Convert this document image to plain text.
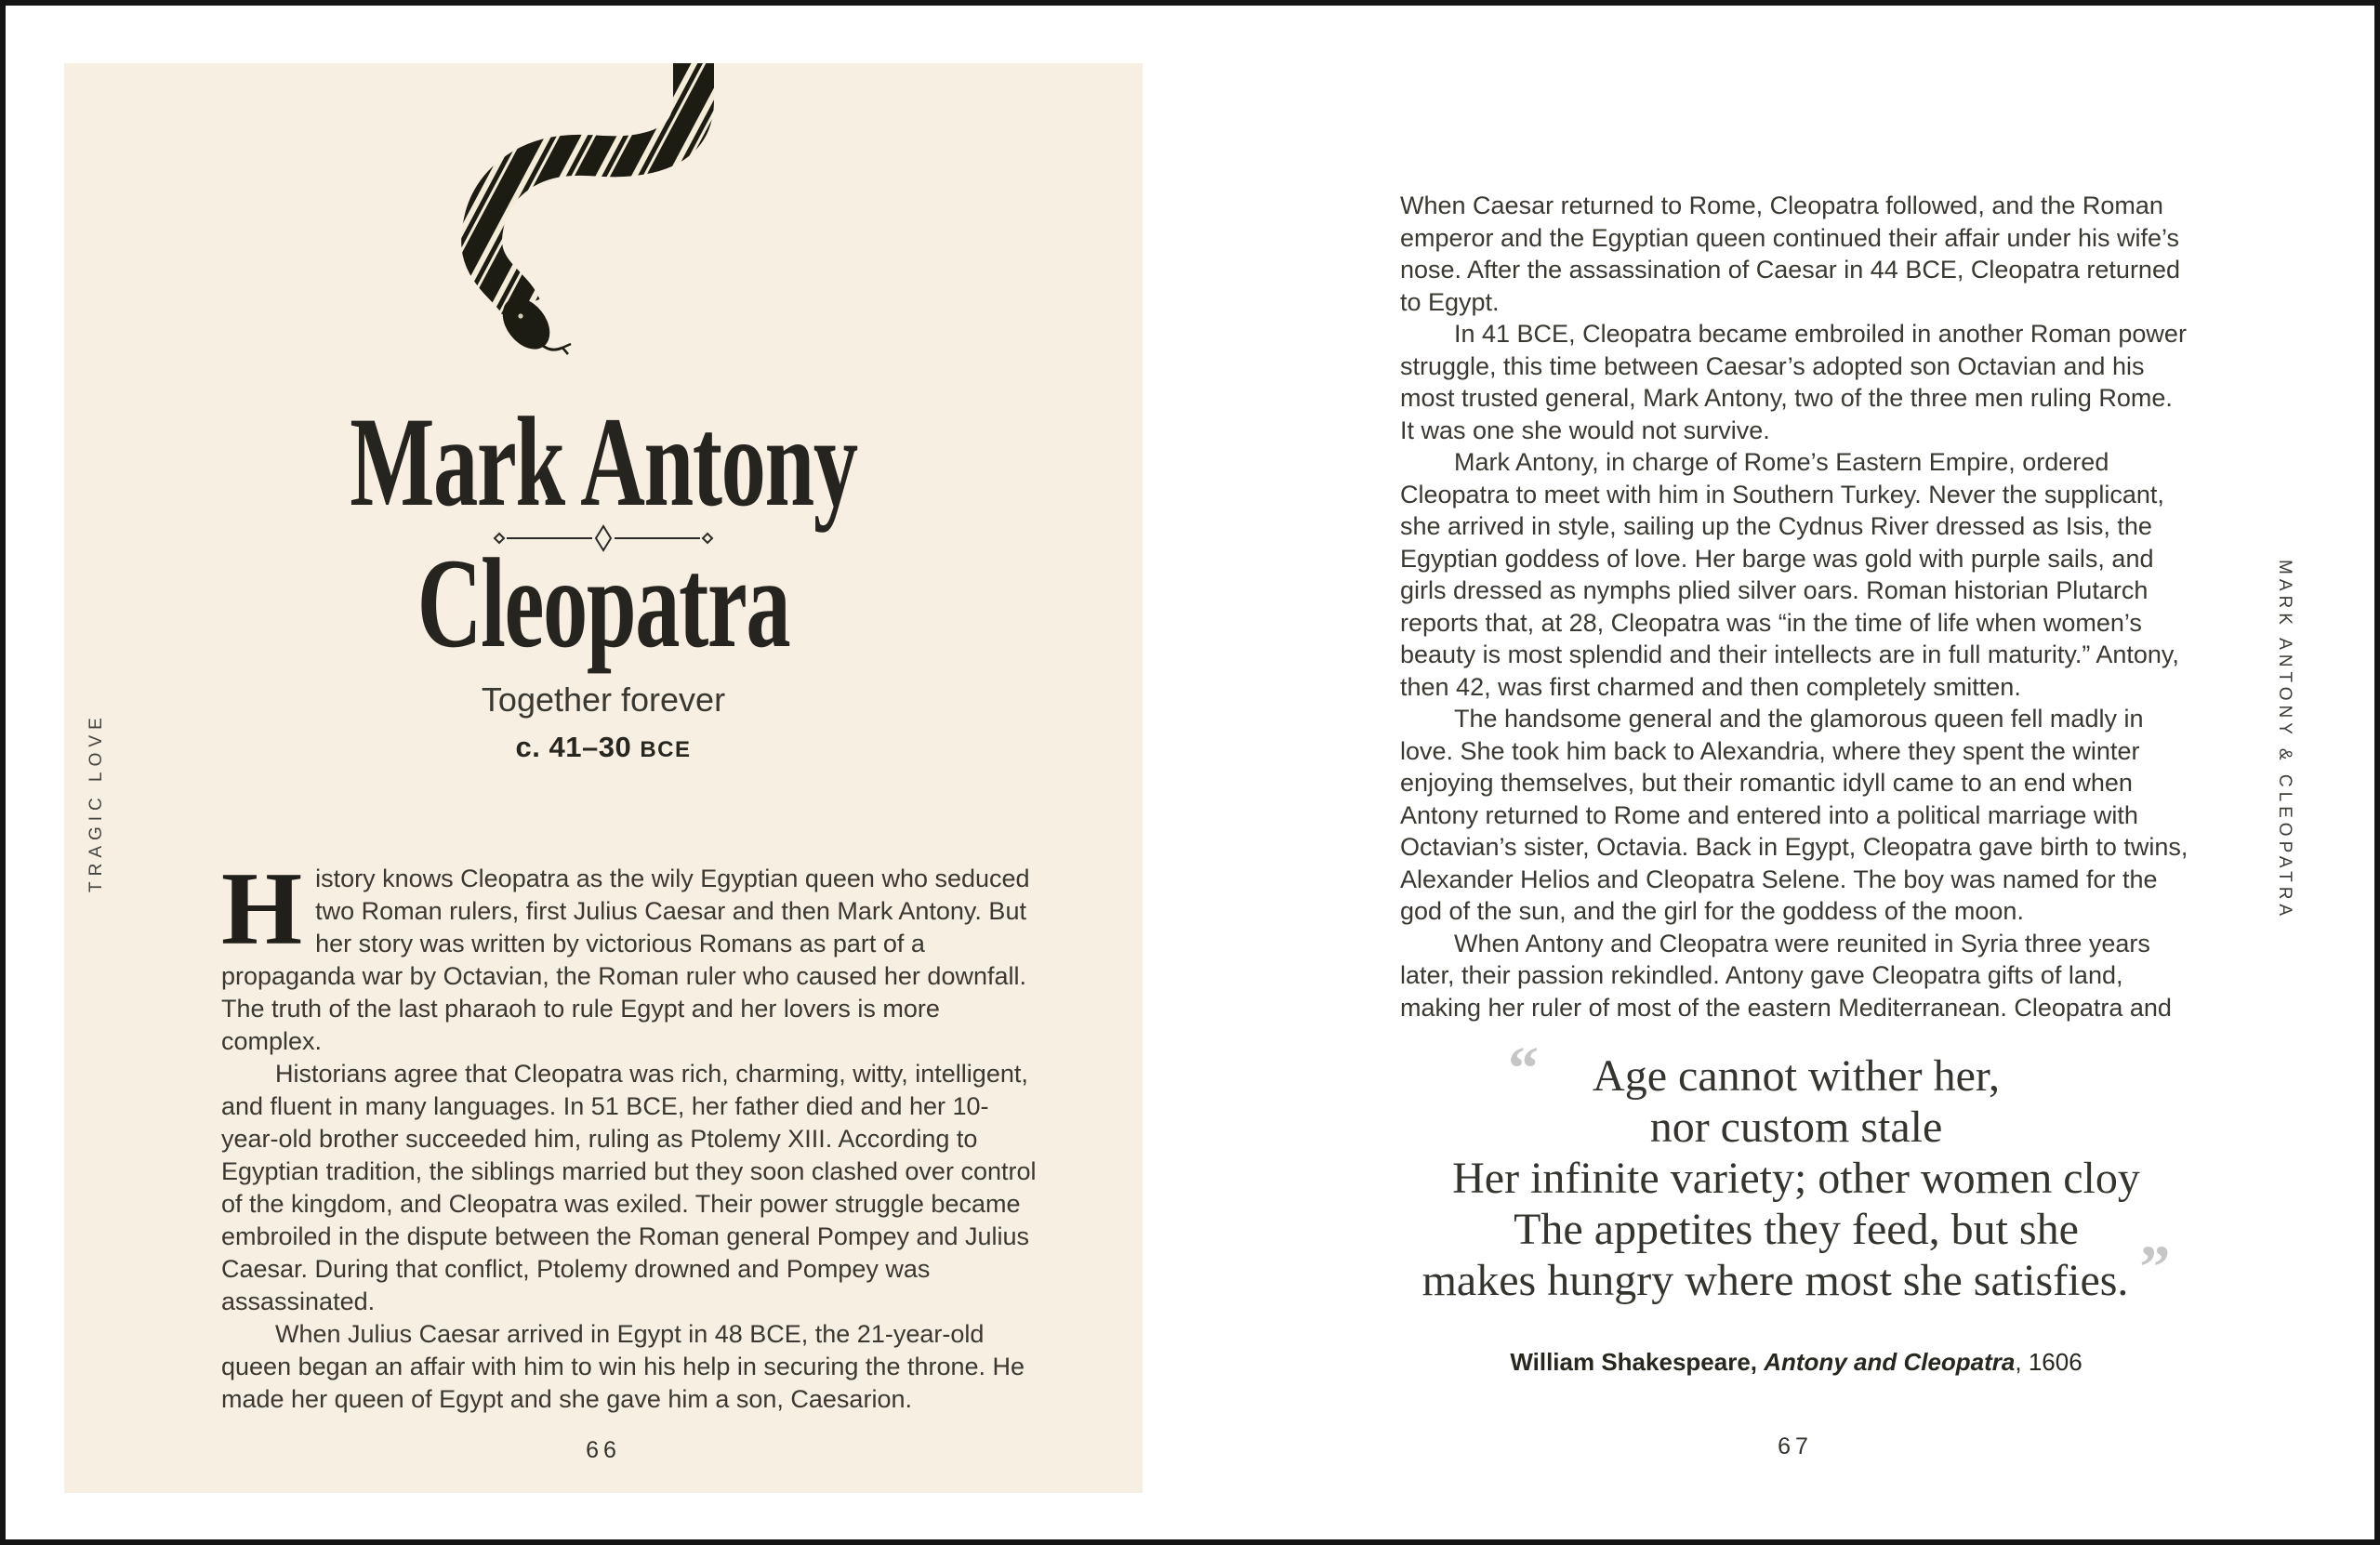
TRAGIC LOVE
Mark Antony
Cleopatra
Together forever
c. 41–30 BCE

H istory knows Cleopatra as the wily Egyptian queen who seduced two Roman rulers, first Julius Caesar and then Mark Antony. But her story was written by victorious Romans as part of a propaganda war by Octavian, the Roman ruler who caused her downfall. The truth of the last pharaoh to rule Egypt and her lovers is more complex.

Historians agree that Cleopatra was rich, charming, witty, intelligent, and fluent in many languages. In 51 BCE, her father died and her 10-year-old brother succeeded him, ruling as Ptolemy XIII. According to Egyptian tradition, the siblings married but they soon clashed over control of the kingdom, and Cleopatra was exiled. Their power struggle became embroiled in the dispute between the Roman general Pompey and Julius Caesar. During that conflict, Ptolemy drowned and Pompey was assassinated.

When Julius Caesar arrived in Egypt in 48 BCE, the 21-year-old queen began an affair with him to win his help in securing the throne. He made her queen of Egypt and she gave him a son, Caesarion.

66

When Caesar returned to Rome, Cleopatra followed, and the Roman emperor and the Egyptian queen continued their affair under his wife’s nose. After the assassination of Caesar in 44 BCE, Cleopatra returned to Egypt.

In 41 BCE, Cleopatra became embroiled in another Roman power struggle, this time between Caesar’s adopted son Octavian and his most trusted general, Mark Antony, two of the three men ruling Rome. It was one she would not survive.

Mark Antony, in charge of Rome’s Eastern Empire, ordered Cleopatra to meet with him in Southern Turkey. Never the supplicant, she arrived in style, sailing up the Cydnus River dressed as Isis, the Egyptian goddess of love. Her barge was gold with purple sails, and girls dressed as nymphs plied silver oars. Roman historian Plutarch reports that, at 28, Cleopatra was “in the time of life when women’s beauty is most splendid and their intellects are in full maturity.” Antony, then 42, was first charmed and then completely smitten.

The handsome general and the glamorous queen fell madly in love. She took him back to Alexandria, where they spent the winter enjoying themselves, but their romantic idyll came to an end when Antony returned to Rome and entered into a political marriage with Octavian’s sister, Octavia. Back in Egypt, Cleopatra gave birth to twins, Alexander Helios and Cleopatra Selene. The boy was named for the god of the sun, and the girl for the goddess of the moon.

When Antony and Cleopatra were reunited in Syria three years later, their passion rekindled. Antony gave Cleopatra gifts of land, making her ruler of most of the eastern Mediterranean. Cleopatra and

“	Age cannot wither her,
nor custom stale
Her infinite variety; other women cloy
The appetites they feed, but she
makes hungry where most she satisfies. ”
William Shakespeare, Antony and Cleopatra, 1606
MARK ANTONY & CLEOPATRA
67
